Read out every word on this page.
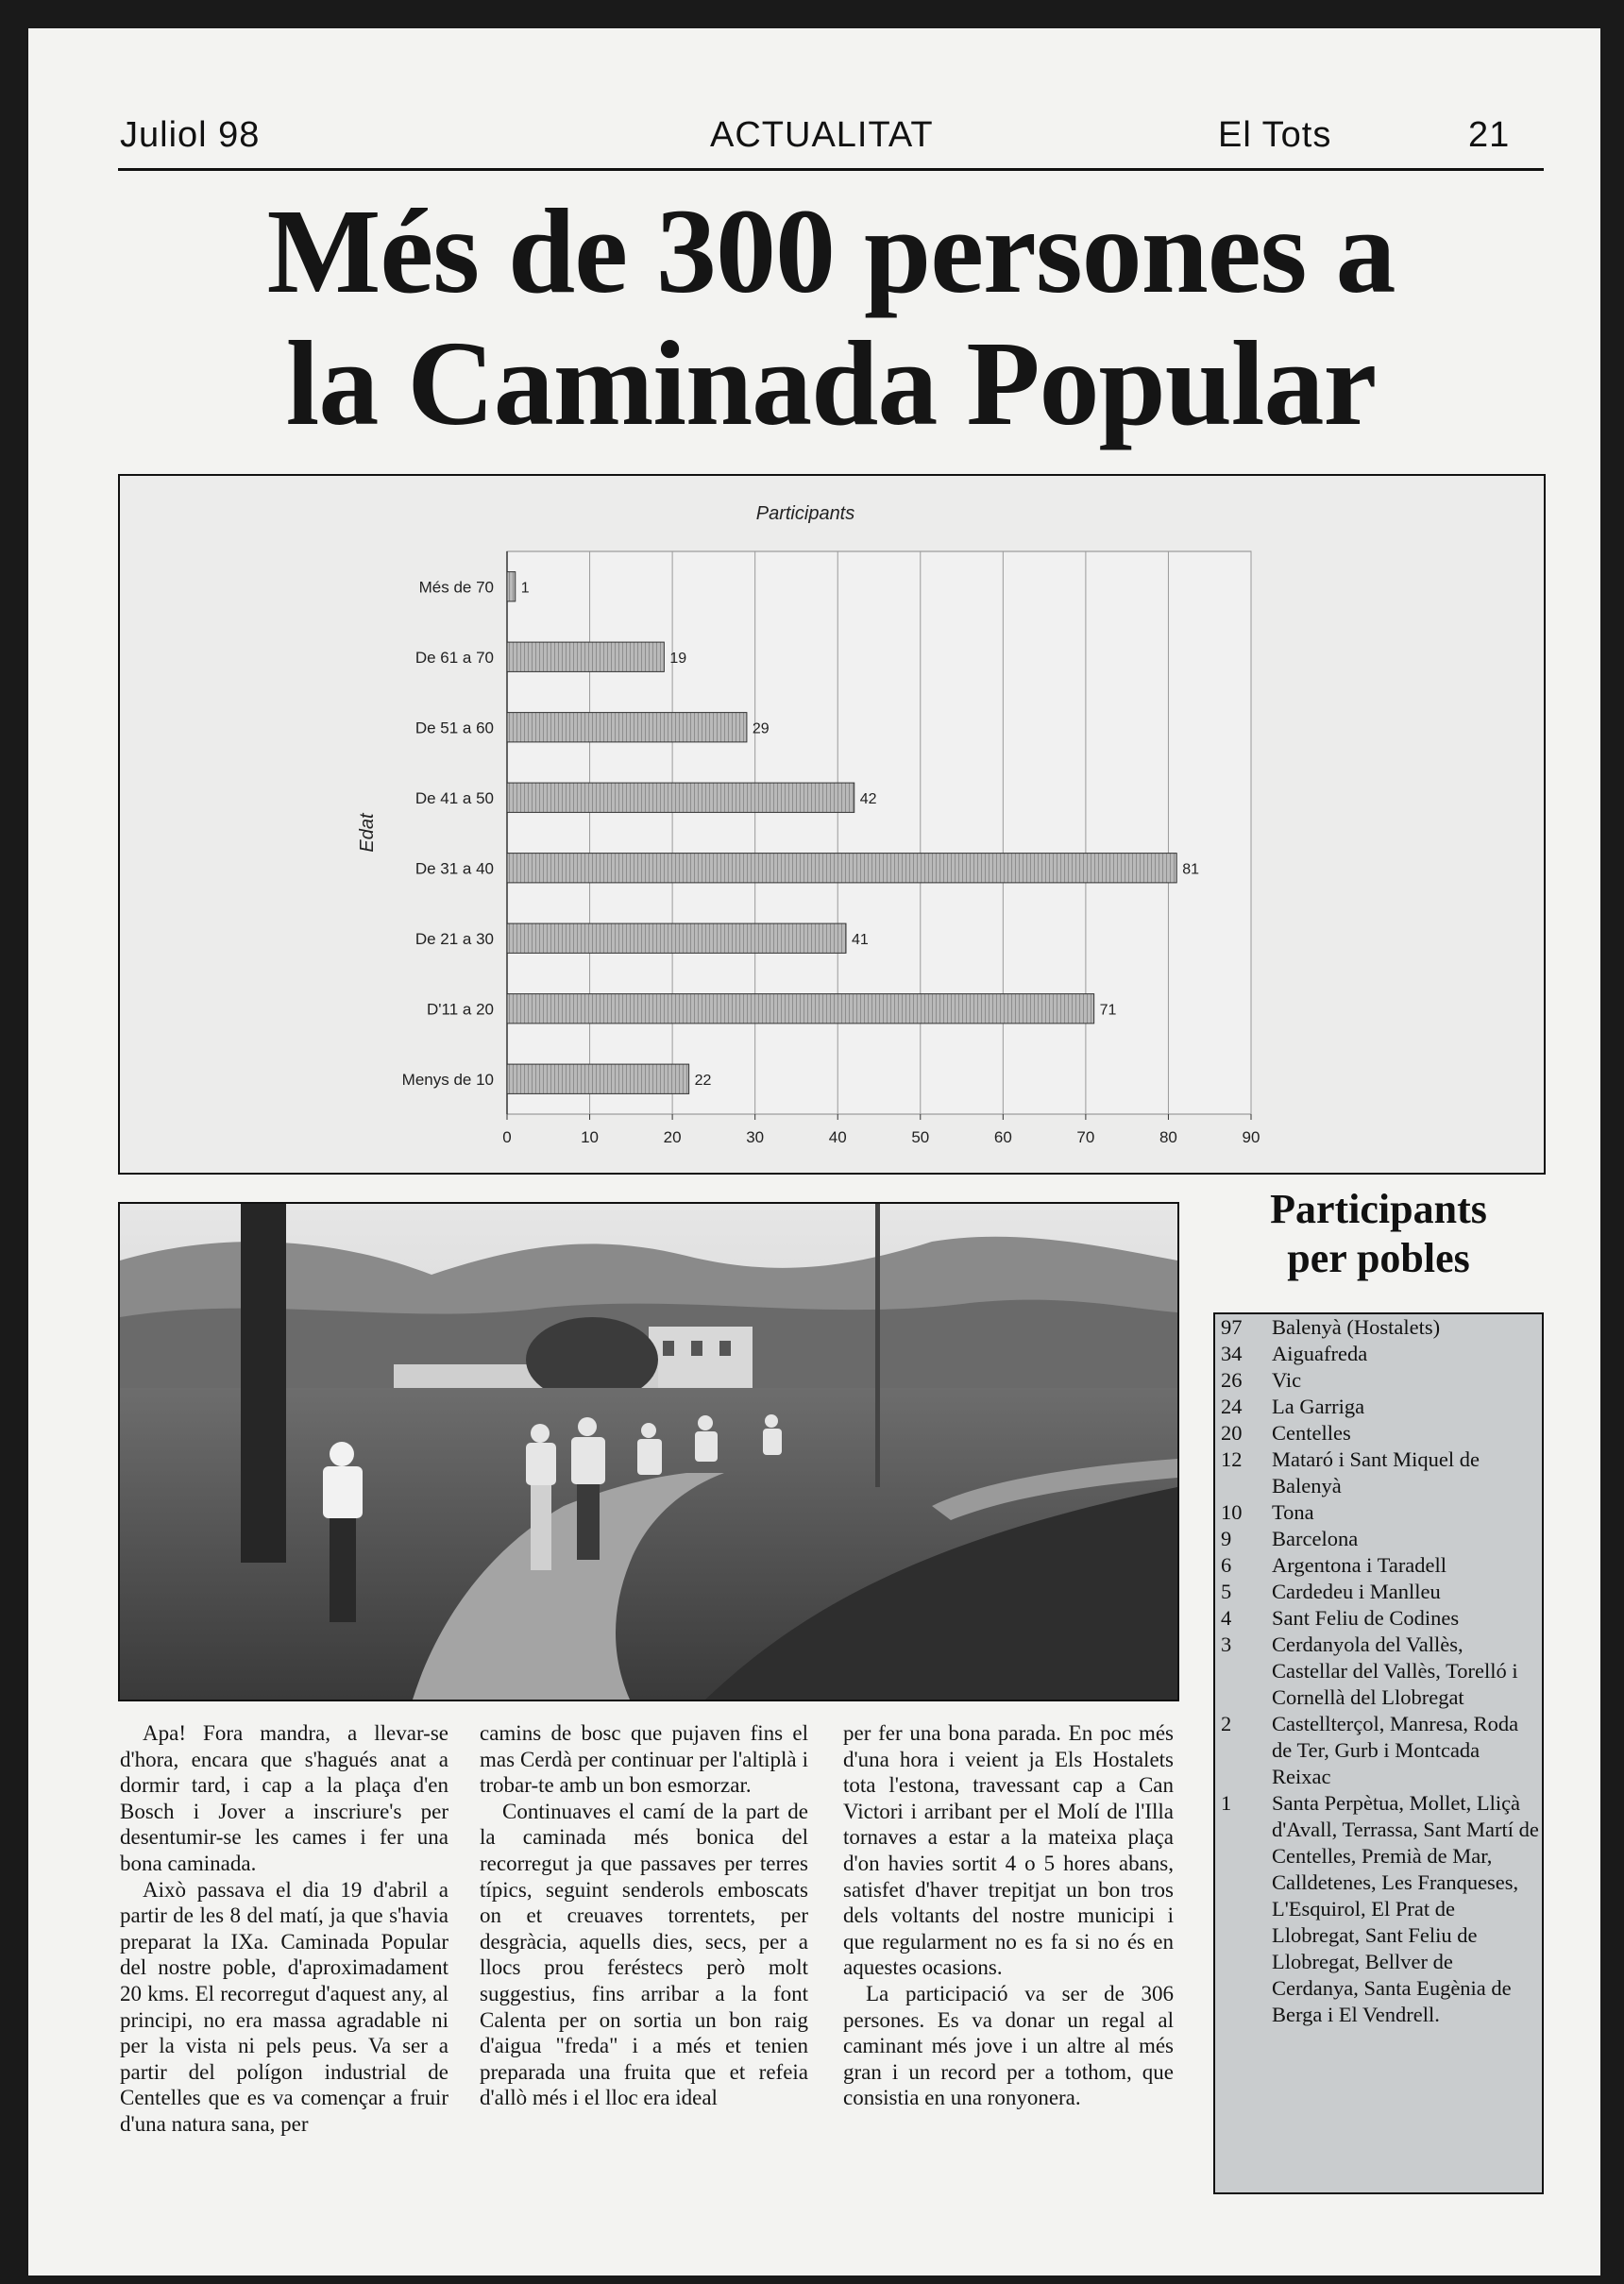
Juliol 98	ACTUALITAT	El Tots	21
Més de 300 persones a
la Caminada Popular
Participants
Edat
0	10	20	30	40	50	60	70	80	90
Més de 70 1
De 61 a 70	19
De 51 a 60	29
De 41 a 50	42
De 31 a 40	81
De 21 a 30	41
D'11 a 20	71
Menys de 10	22
Participants
per pobles
97	Balenyà (Hostalets)
34	Aiguafreda
26	Vic
24	La Garriga
20	Centelles
12	Mataró i Sant Miquel de Balenyà
10	Tona
9	Barcelona
6	Argentona i Taradell
5	Cardedeu i Manlleu
4	Sant Feliu de Codines
3	Cerdanyola del Vallès, Castellar del Vallès, Torelló i Cornellà del Llobregat
2	Castellterçol, Manresa, Roda de Ter, Gurb i Montcada Reixac
1	Santa Perpètua, Mollet, Lliçà d'Avall, Terrassa, Sant Martí de Centelles, Premià de Mar, Calldetenes, Les Franqueses, L'Esquirol, El Prat de Llobregat, Sant Feliu de Llobregat, Bellver de Cerdanya, Santa Eugènia de Berga i El Vendrell.

Apa! Fora mandra, a llevar-se d'hora, encara que s'hagués anat a dormir tard, i cap a la plaça d'en Bosch i Jover a inscriure's per desentumir-se les cames i fer una bona caminada.

Això passava el dia 19 d'abril a partir de les 8 del matí, ja que s'havia preparat la IXa. Caminada Popular del nostre poble, d'aproximadament 20 kms. El recorregut d'aquest any, al principi, no era massa agradable ni per la vista ni pels peus. Va ser a partir del polígon industrial de Centelles que es va començar a fruir d'una natura sana, per

camins de bosc que pujaven fins el mas Cerdà per continuar per l'altiplà i trobar-te amb un bon esmorzar.

Continuaves el camí de la part de la caminada més bonica del recorregut ja que passaves per terres típics, seguint senderols emboscats on et creuaves torrentets, per desgràcia, aquells dies, secs, per a llocs prou feréstecs però molt suggestius, fins arribar a la font Calenta per on sortia un bon raig d'aigua "freda" i a més et tenien preparada una fruita que et refeia d'allò més i el lloc era ideal

per fer una bona parada. En poc més d'una hora i veient ja Els Hostalets tota l'estona, travessant cap a Can Victori i arribant per el Molí de l'Illa tornaves a estar a la mateixa plaça d'on havies sortit 4 o 5 hores abans, satisfet d'haver trepitjat un bon tros dels voltants del nostre municipi i que regularment no es fa si no és en aquestes ocasions.

La participació va ser de 306 persones. Es va donar un regal al caminant més jove i un altre al més gran i un record per a tothom, que consistia en una ronyonera.
